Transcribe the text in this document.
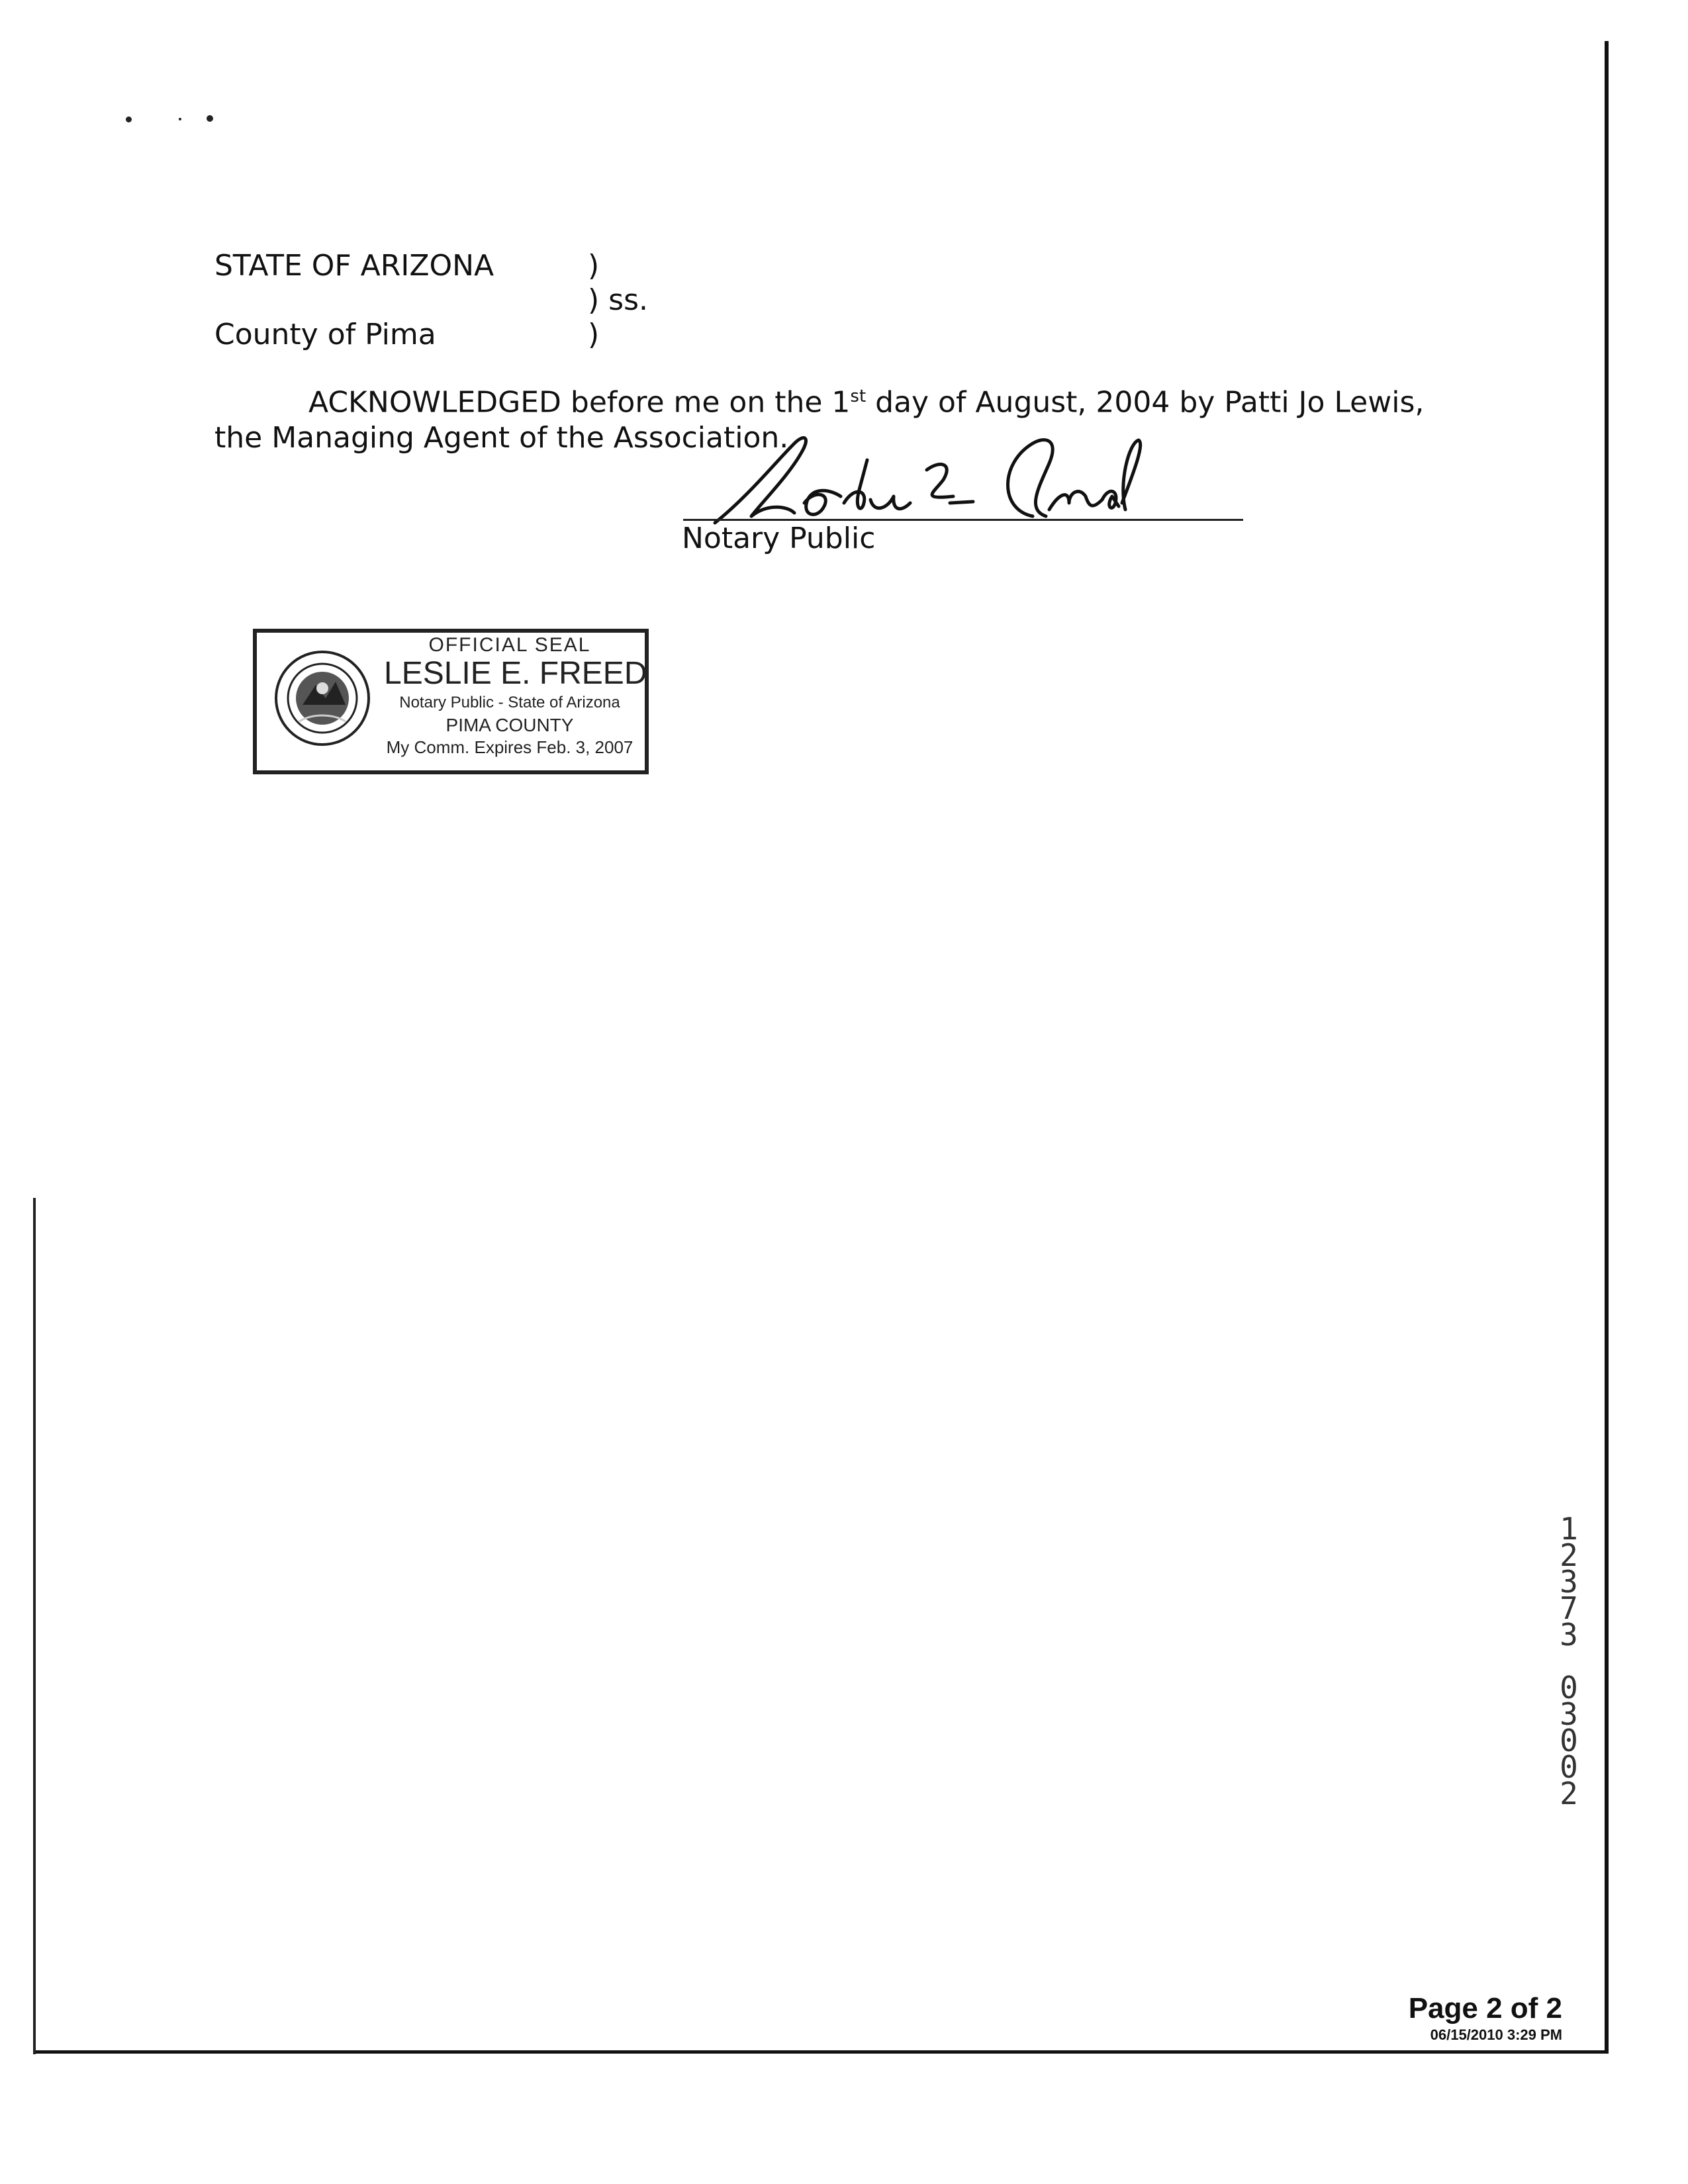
STATE OF ARIZONA	)
) ss.
County of Pima	)
ACKNOWLEDGED before me on the 1st day of August, 2004 by Patti Jo Lewis,
the Managing Agent of the Association.
Notary Public
OFFICIAL SEAL
LESLIE E. FREED
Notary Public - State of Arizona
PIMA COUNTY
My Comm. Expires Feb. 3, 2007
1
2
3
7
3
0
3
0
0
2
Page 2 of 2
06/15/2010 3:29 PM
